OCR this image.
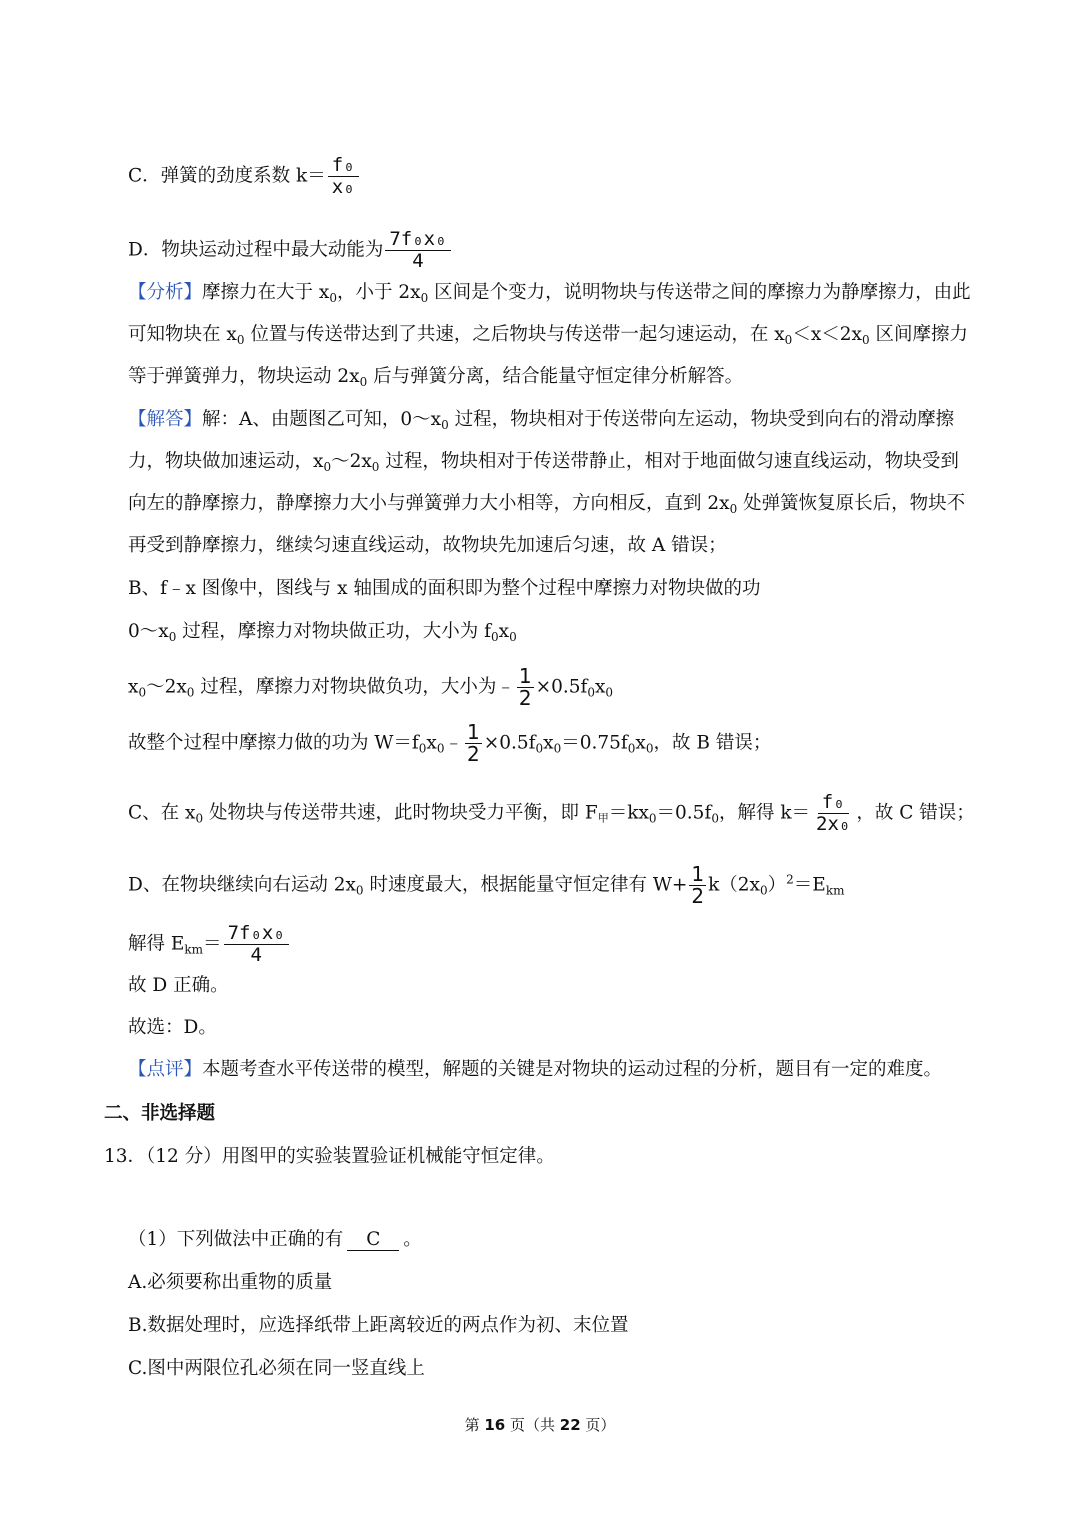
C．弹簧的劲度系数 $k= \frac{\text{f₀}}{\text{x₀}}$
D．物块运动过程中最大动能为 $\frac{\text{7f₀x₀}}{4}$
【分析】摩擦力在大于 $x_0$，小于 $2x_0$ 区间是个变力，说明物块与传送带之间的摩擦力为静摩擦力，由此
可知物块在 $x_0$ 位置与传送带达到了共速，之后物块与传送带一起匀速运动，在 $x_0<x<2x_0$ 区间摩擦力
等于弹簧弹力，物块运动 $2x_0$ 后与弹簧分离，结合能量守恒定律分析解答。
【解答】解：A、由题图乙可知，$0\sim x_0$ 过程，物块相对于传送带向左运动，物块受到向右的滑动摩擦
力，物块做加速运动，$x_0\sim 2x_0$ 过程，物块相对于传送带静止，相对于地面做匀速直线运动，物块受到
向左的静摩擦力，静摩擦力大小与弹簧弹力大小相等，方向相反，直到 $2x_0$ 处弹簧恢复原长后，物块不
再受到静摩擦力，继续匀速直线运动，故物块先加速后匀速，故 A 错误；
B、f﹣x 图像中，图线与 x 轴围成的面积即为整个过程中摩擦力对物块做的功
$0\sim x_0$ 过程，摩擦力对物块做正功，大小为 $f_0x_0$
$x_0\sim 2x_0$ 过程，摩擦力对物块做负功，大小为﹣ $\frac{1}{2} \times 0.5f_0x_0$
故整个过程中摩擦力做的功为 $W=f_0x_0﹣ \frac{1}{2} \times 0.5f_0x_0=0.75f_0x_0$，故 B 错误；
C、在 $x_0$ 处物块与传送带共速，此时物块受力平衡，即 F甲$=kx_0=0.5f_0$，解得 $k= \frac{\text{f₀}}{\text{2x₀}}$ ，故 C 错误；
D、在物块继续向右运动 $2x_0$ 时速度最大，根据能量守恒定律有 $W+ \frac{1}{2} k(2x_0)^2=E_{km}$
解得 $E_{km}= \frac{\text{7f₀x₀}}{4}$
故 D 正确。
故选：D。
【点评】本题考查水平传送带的模型，解题的关键是对物块的运动过程的分析，题目有一定的难度。
二、非选择题
13．（12 分）用图甲的实验装置验证机械能守恒定律。
（1）下列做法中正确的有 C 。
A.必须要称出重物的质量
B.数据处理时，应选择纸带上距离较近的两点作为初、末位置
C.图中两限位孔必须在同一竖直线上
第 16 页（共 22 页）
